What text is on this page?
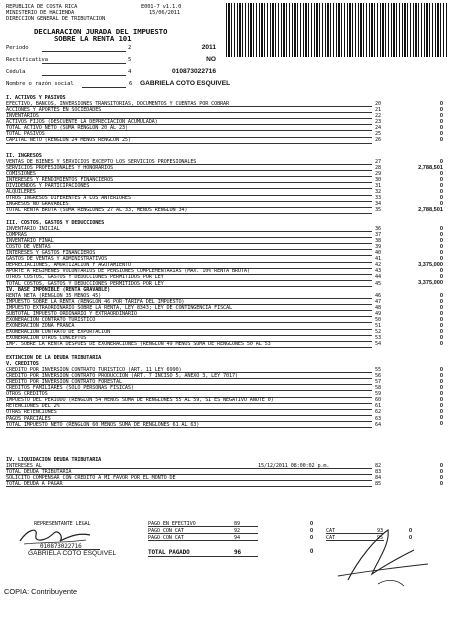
REPUBLICA DE COSTA RICA
MINISTERIO DE HACIENDA
DIRECCION GENERAL DE TRIBUTACION
E001-7 v1.1.0
15/06/2011
DECLARACION JURADA DEL IMPUESTO
SOBRE LA RENTA 101
Periodo	2	2011
Rectificativa	5	NO
Cédula	4	010873022716
Nombre o razón social	6 GABRIELA COTO ESQUIVEL
I. ACTIVOS Y PASIVOS
EFECTIVO, BANCOS, INVERSIONES TRANSITORIAS, DOCUMENTOS Y CUENTAS POR COBRAR	20	0
ACCIONES Y APORTES EN SOCIEDADES	21	0
INVENTARIOS	22	0
ACTIVOS FIJOS (DESCUENTE LA DEPRECIACION ACUMULADA)	23	0
TOTAL ACTIVO NETO (SUMA RENGLON 20 AL 23)	24	0
TOTAL PASIVOS	25	0
CAPITAL NETO (RENGLON 24 MENOS RENGLON 25)	26	0
II. INGRESOS
VENTAS DE BIENES Y SERVICIOS EXCEPTO LOS SERVICIOS PROFESIONALES	27	0
SERVICIOS PROFESIONALES Y HONORARIOS	28	2,788,501
COMISIONES	29	0
INTERESES Y RENDIMIENTOS FINANCIEROS	30	0
DIVIDENDOS Y PARTICIPACIONES	31	0
ALQUILERES	32	0
OTROS INGRESOS DIFERENTES A LOS ANTERIORES	33	0
INGRESOS NO GRAVABLES	34	0
TOTAL RENTA BRUTA (SUMA RENGLONES 27 AL 33, MENOS RENGLON 34)	35	2,788,501
III. COSTOS, GASTOS Y DEDUCCIONES
INVENTARIO INICIAL	36	0
COMPRAS	37	0
INVENTARIO FINAL	38	0
COSTO DE VENTAS	39	0
INTERESES Y GASTOS FINANCIEROS	40	0
GASTOS DE VENTAS Y ADMINISTRATIVOS	41	0
DEPRECIACIONES, AMORTIZACION Y AGOTAMIENTO	42	3,375,000
APORTE A REGIMENES VOLUNTARIOS DE PENSIONES COMPLEMENTARIAS (MAX. 10% RENTA BRUTA)	43	0
OTROS COSTOS, GASTOS Y DEDUCCIONES PERMITIDOS POR LEY	44	0
TOTAL COSTOS, GASTOS Y DEDUCCIONES PERMITIDOS POR LEY	45	3,375,000
IV. BASE IMPONIBLE (RENTA GRAVABLE)
RENTA NETA (RENGLON 35 MENOS 45)	46	0
IMPUESTO SOBRE LA RENTA (RENGLON 46 POR TARIFA DEL IMPUESTO)	47	0
IMPUESTO EXTRAORDINARIO SOBRE LA RENTA, LEY 8343; LEY DE CONTINGENCIA FISCAL	48	0
SUBTOTAL IMPUESTO ORDINARIO Y EXTRAORDINARIO	49	0
EXONERACION CONTRATO TURISTICO	50	0
EXONERACION ZONA FRANCA	51	0
EXONERACION CONTRATO DE EXPORTACION	52	0
EXONERACION OTROS CONCEPTOS	53	0
IMP. SOBRE LA RENTA DESPUES DE EXONERACIONES (RENGLON 49 MENOS SUMA DE RENGLONES 50 AL 53	54	0
EXTINCION DE LA DEUDA TRIBUTARIA
V. CREDITOS
CREDITO POR INVERSION CONTRATO TURISTICO (ART. 11 LEY 6990)	55	0
CREDITO POR INVERSION CONTRATO PRODUCCION (ART. 7 INCISO 5, ANEXO 3, LEY 7017)	56	0
CREDITO POR INVERSION CONTRATO FORESTAL	57	0
CREDITOS FAMILIARES (SOLO PERSONAS FISICAS)	58	0
OTROS CREDITOS	59	0
IMPUESTO DEL PERIODO (RENGLON 54 MENOS SUMA DE RENGLONES 55 AL 59, SI ES NEGATIVO ANOTE 0)	60	0
RETENCIONES DEL 2%	61	0
OTRAS RETENCIONES	62	0
PAGOS PARCIALES	63	0
TOTAL IMPUESTO NETO (RENGLON 60 MENOS SUMA DE RENGLONES 61 AL 63)	64	0
IV. LIQUIDACION DEUDA TRIBUTARIA
INTERESES AL	15/12/2011 08:00:02 p.m.	82	0
TOTAL DEUDA TRIBUTARIA	83	0
SOLICITO COMPENSAR CON CREDITO A MI FAVOR POR EL MONTO DE	84	0
TOTAL DEUDA A PAGAR	85	0
REPRESENTANTE LEGAL
010873022716
GABRIELA COTO ESQUIVEL
PAGO EN EFECTIVO	89	0
PAGO CON CAT	92	0 CAT	93	0
PAGO CON CAT	94	0 CAT	95	0
TOTAL PAGADO	96	0
COPIA: Contribuyente
